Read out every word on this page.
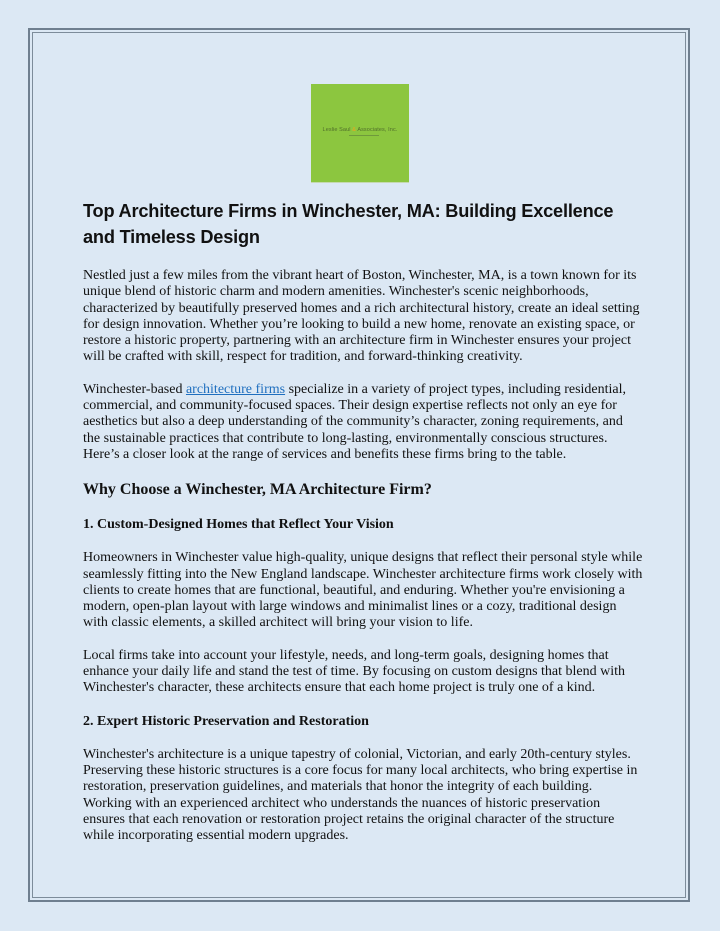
Leslie Saul & Associates, Inc.
Top Architecture Firms in Winchester, MA: Building Excellence and Timeless Design

Nestled just a few miles from the vibrant heart of Boston, Winchester, MA, is a town known for its unique blend of historic charm and modern amenities. Winchester's scenic neighborhoods, characterized by beautifully preserved homes and a rich architectural history, create an ideal setting for design innovation. Whether you’re looking to build a new home, renovate an existing space, or restore a historic property, partnering with an architecture firm in Winchester ensures your project will be crafted with skill, respect for tradition, and forward-thinking creativity.

Winchester-based architecture firms specialize in a variety of project types, including residential, commercial, and community-focused spaces. Their design expertise reflects not only an eye for aesthetics but also a deep understanding of the community’s character, zoning requirements, and the sustainable practices that contribute to long-lasting, environmentally conscious structures. Here’s a closer look at the range of services and benefits these firms bring to the table.

Why Choose a Winchester, MA Architecture Firm?
1. Custom-Designed Homes that Reflect Your Vision

Homeowners in Winchester value high-quality, unique designs that reflect their personal style while seamlessly fitting into the New England landscape. Winchester architecture firms work closely with clients to create homes that are functional, beautiful, and enduring. Whether you're envisioning a modern, open-plan layout with large windows and minimalist lines or a cozy, traditional design with classic elements, a skilled architect will bring your vision to life.

Local firms take into account your lifestyle, needs, and long-term goals, designing homes that enhance your daily life and stand the test of time. By focusing on custom designs that blend with Winchester's character, these architects ensure that each home project is truly one of a kind.

2. Expert Historic Preservation and Restoration

Winchester's architecture is a unique tapestry of colonial, Victorian, and early 20th-century styles. Preserving these historic structures is a core focus for many local architects, who bring expertise in restoration, preservation guidelines, and materials that honor the integrity of each building. Working with an experienced architect who understands the nuances of historic preservation ensures that each renovation or restoration project retains the original character of the structure while incorporating essential modern upgrades.
